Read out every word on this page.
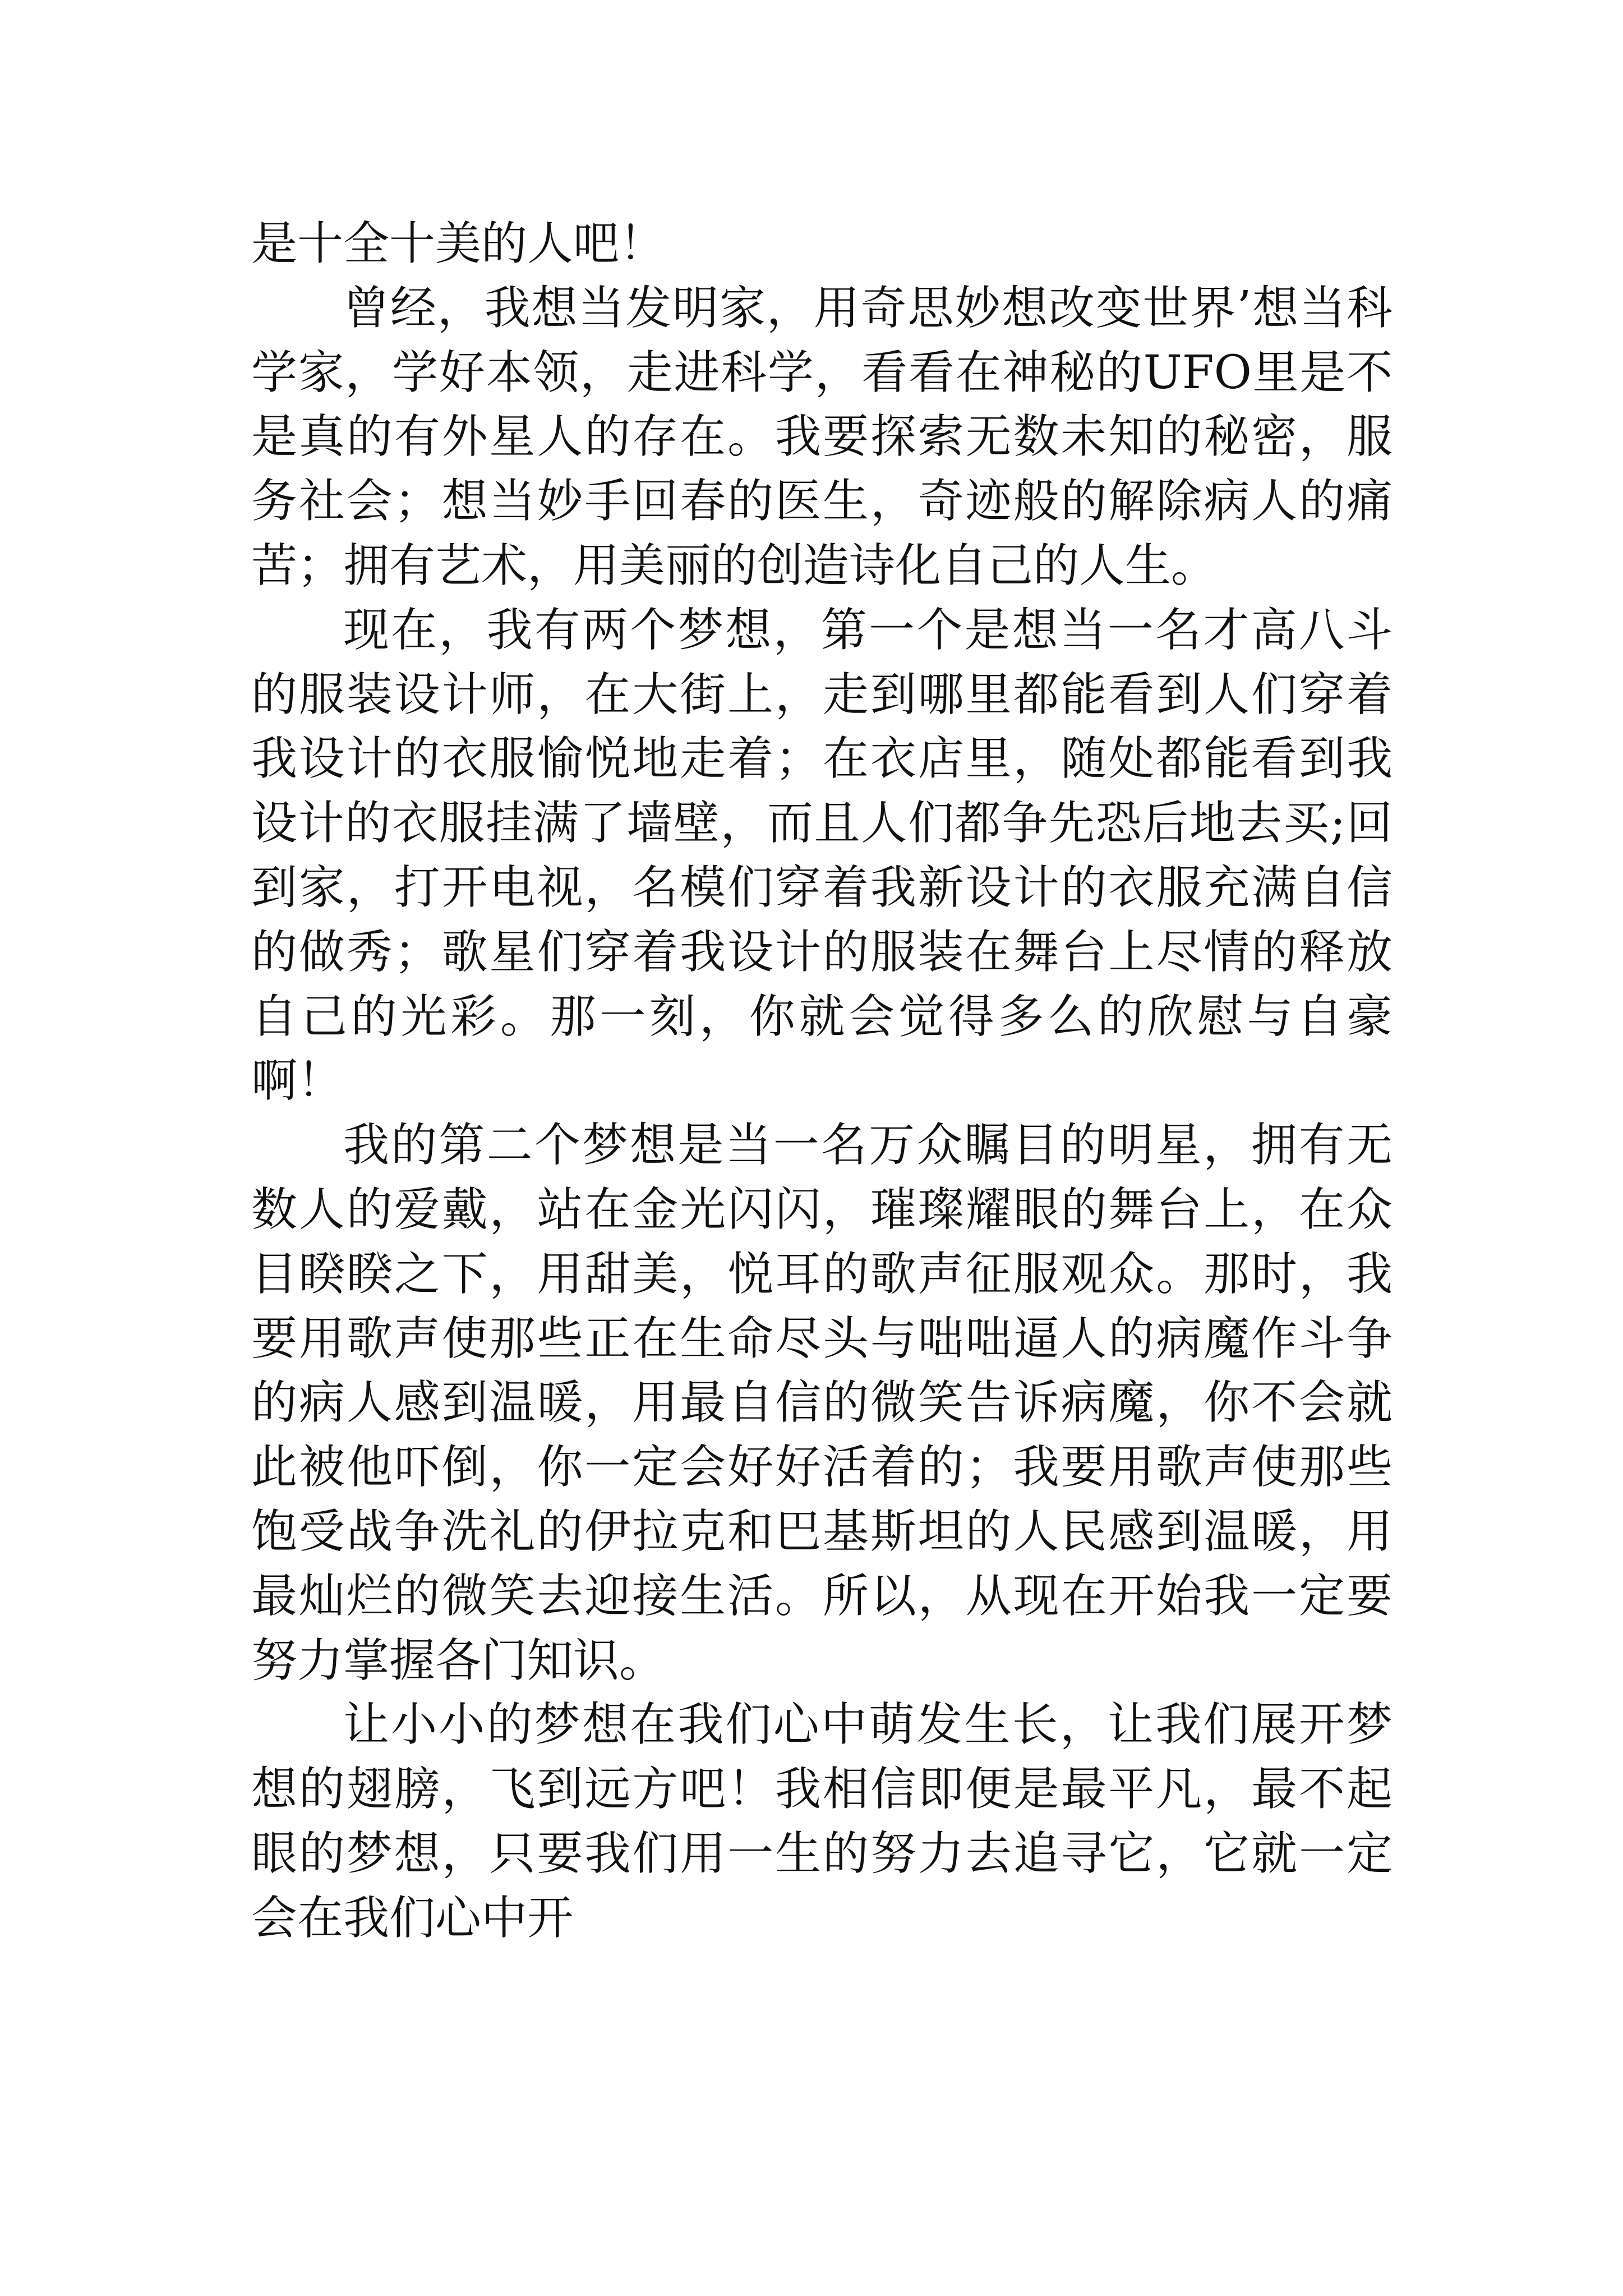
是十全十美的人吧！

曾经，我想当发明家，用奇思妙想改变世界’想当科学家，学好本领，走进科学，看看在神秘的UFO里是不是真的有外星人的存在。我要探索无数未知的秘密，服务社会；想当妙手回春的医生，奇迹般的解除病人的痛苦；拥有艺术，用美丽的创造诗化自己的人生。

现在，我有两个梦想，第一个是想当一名才高八斗的服装设计师，在大街上，走到哪里都能看到人们穿着我设计的衣服愉悦地走着；在衣店里，随处都能看到我设计的衣服挂满了墙壁，而且人们都争先恐后地去买;回到家，打开电视，名模们穿着我新设计的衣服充满自信的做秀；歌星们穿着我设计的服装在舞台上尽情的释放自己的光彩。那一刻，你就会觉得多么的欣慰与自豪啊！

我的第二个梦想是当一名万众瞩目的明星，拥有无数人的爱戴，站在金光闪闪，璀璨耀眼的舞台上，在众目睽睽之下，用甜美，悦耳的歌声征服观众。那时，我要用歌声使那些正在生命尽头与咄咄逼人的病魔作斗争的病人感到温暖，用最自信的微笑告诉病魔，你不会就此被他吓倒，你一定会好好活着的；我要用歌声使那些饱受战争洗礼的伊拉克和巴基斯坦的人民感到温暖，用最灿烂的微笑去迎接生活。所以，从现在开始我一定要努力掌握各门知识。

让小小的梦想在我们心中萌发生长，让我们展开梦想的翅膀，飞到远方吧！我相信即便是最平凡，最不起眼的梦想，只要我们用一生的努力去追寻它，它就一定会在我们心中开
